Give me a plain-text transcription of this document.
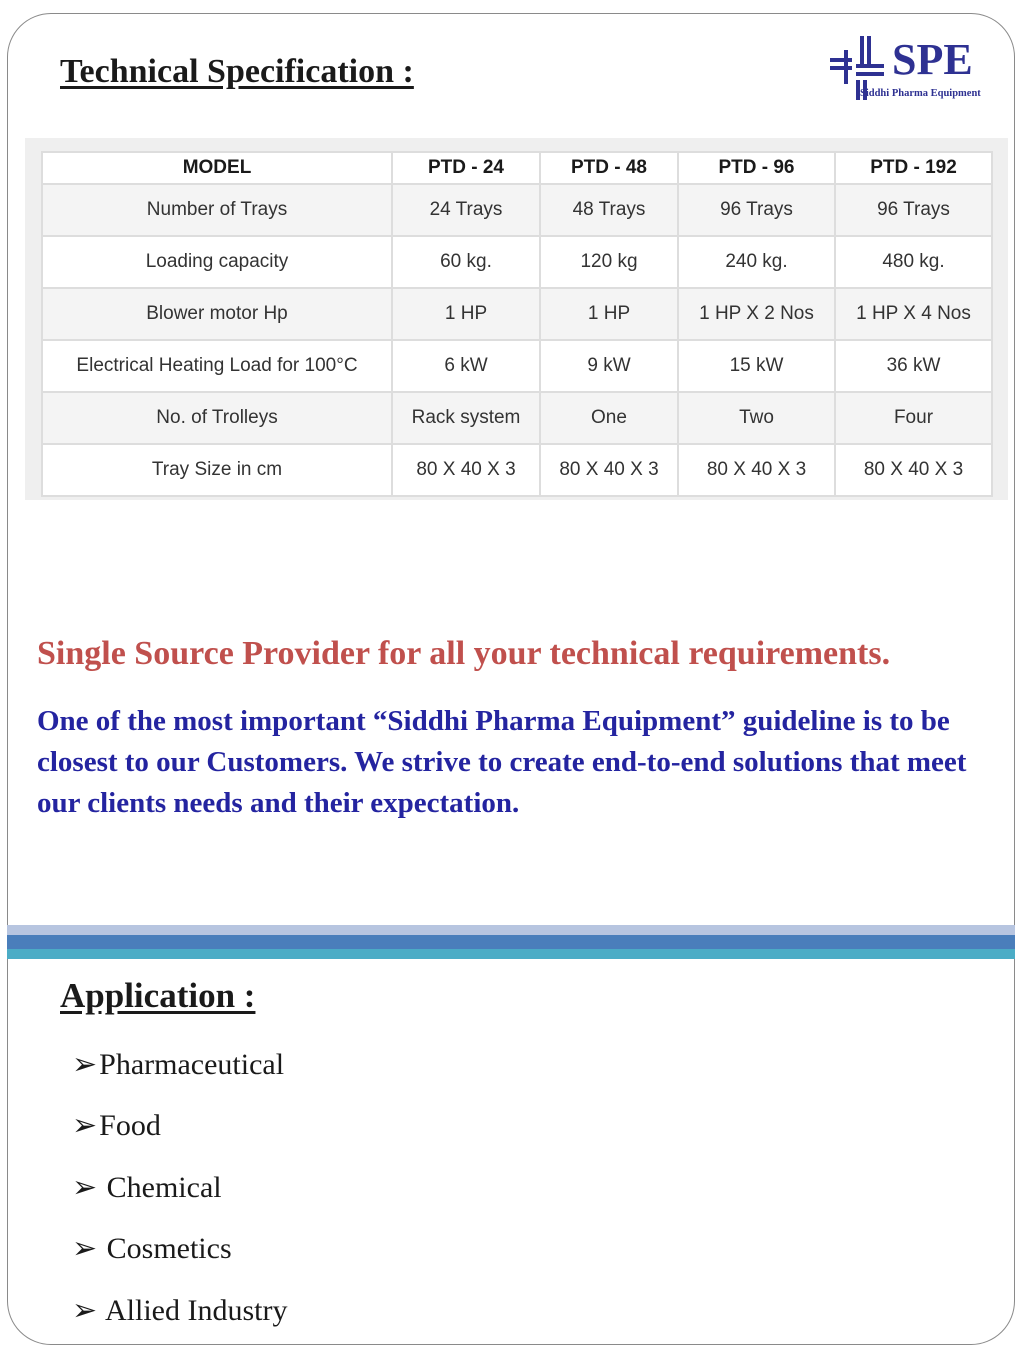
Technical Specification :	SPE
Siddhi Pharma Equipment
MODEL	PTD - 24	PTD - 48	PTD - 96	PTD - 192
Number of Trays	24 Trays	48 Trays	96 Trays	96 Trays
Loading capacity	60 kg.	120 kg	240 kg.	480 kg.
Blower motor Hp	1 HP	1 HP	1 HP X 2 Nos	1 HP X 4 Nos
Electrical Heating Load for 100°C	6 kW	9 kW	15 kW	36 kW
No. of Trolleys	Rack system	One	Two	Four
Tray Size in cm	80 X 40 X 3	80 X 40 X 3	80 X 40 X 3	80 X 40 X 3

Single Source Provider for all your technical requirements.

One of the most important “Siddhi Pharma Equipment” guideline is to be closest to our Customers. We strive to create end-to-end solutions that meet our clients needs and their expectation.

Application :
➢ Pharmaceutical
➢ Food
➢ Chemical
➢ Cosmetics
➢ Allied Industry
